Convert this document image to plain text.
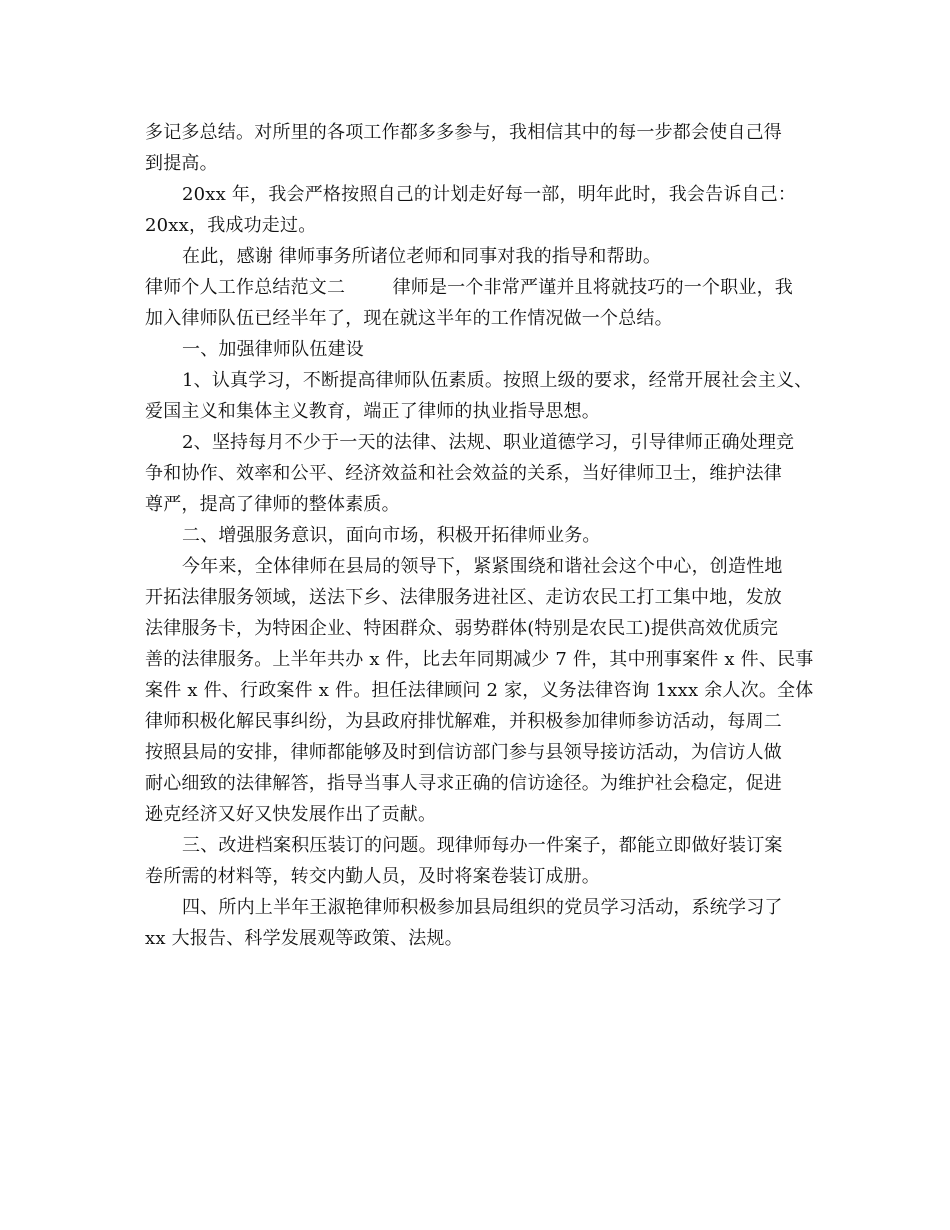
多记多总结。对所里的各项工作都多多参与，我相信其中的每一步都会使自己得
到提高。
20xx 年，我会严格按照自己的计划走好每一部，明年此时，我会告诉自己：
20xx，我成功走过。
在此，感谢 律师事务所诸位老师和同事对我的指导和帮助。
律师个人工作总结范文二        律师是一个非常严谨并且将就技巧的一个职业，我
加入律师队伍已经半年了，现在就这半年的工作情况做一个总结。
一、加强律师队伍建设
1、认真学习，不断提高律师队伍素质。按照上级的要求，经常开展社会主义、
爱国主义和集体主义教育，端正了律师的执业指导思想。
2、坚持每月不少于一天的法律、法规、职业道德学习，引导律师正确处理竞
争和协作、效率和公平、经济效益和社会效益的关系，当好律师卫士，维护法律
尊严，提高了律师的整体素质。
二、增强服务意识，面向市场，积极开拓律师业务。
今年来，全体律师在县局的领导下，紧紧围绕和谐社会这个中心，创造性地
开拓法律服务领域，送法下乡、法律服务进社区、走访农民工打工集中地，发放
法律服务卡，为特困企业、特困群众、弱势群体(特别是农民工)提供高效优质完
善的法律服务。上半年共办 x 件，比去年同期减少 7 件，其中刑事案件 x 件、民事
案件 x 件、行政案件 x 件。担任法律顾问 2 家，义务法律咨询 1xxx 余人次。全体
律师积极化解民事纠纷，为县政府排忧解难，并积极参加律师参访活动，每周二
按照县局的安排，律师都能够及时到信访部门参与县领导接访活动，为信访人做
耐心细致的法律解答，指导当事人寻求正确的信访途径。为维护社会稳定，促进
逊克经济又好又快发展作出了贡献。
三、改进档案积压装订的问题。现律师每办一件案子，都能立即做好装订案
卷所需的材料等，转交内勤人员，及时将案卷装订成册。
四、所内上半年王淑艳律师积极参加县局组织的党员学习活动，系统学习了
xx 大报告、科学发展观等政策、法规。
